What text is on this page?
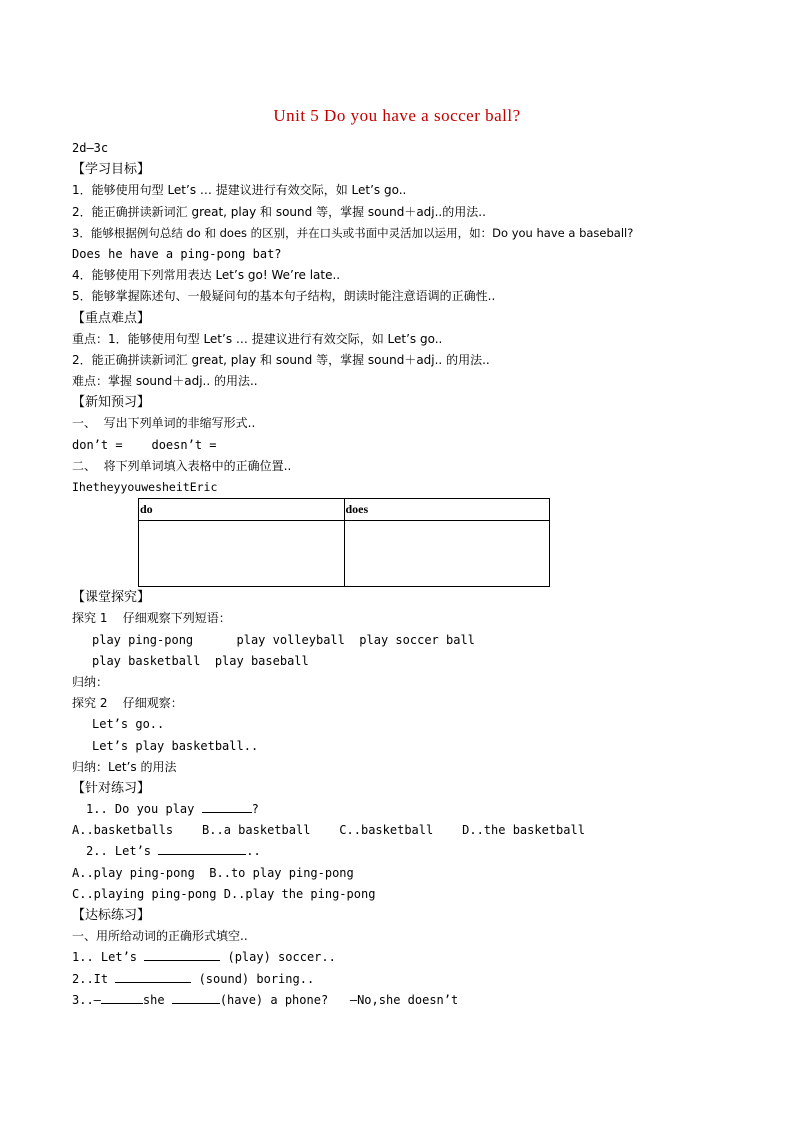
Unit 5 Do you have a soccer ball?
2d—3c
【学习目标】
1．能够使用句型 Let’s … 提建议进行有效交际，如 Let’s go..
2．能正确拼读新词汇 great, play 和 sound 等，掌握 sound＋adj..的用法..
3．能够根据例句总结 do 和 does 的区别，并在口头或书面中灵活加以运用，如：Do you have a baseball?
Does he have a ping-pong bat?
4．能够使用下列常用表达 Let’s go! We’re late..
5．能够掌握陈述句、一般疑问句的基本句子结构，朗读时能注意语调的正确性..
【重点难点】
重点：1．能够使用句型 Let’s … 提建议进行有效交际，如 Let’s go..
2．能正确拼读新词汇 great, play 和 sound 等，掌握 sound＋adj.. 的用法..
难点：掌握 sound＋adj.. 的用法..
【新知预习】
一、  写出下列单词的非缩写形式..
don’t =    doesn’t =
二、  将下列单词填入表格中的正确位置..
IhetheyyouwesheitEric
do	does

【课堂探究】
探究 1    仔细观察下列短语：
play ping-pong      play volleyball  play soccer ball
play basketball  play baseball
归纳：
探究 2    仔细观察：
Let’s go..
Let’s play basketball..
归纳：Let’s 的用法
【针对练习】
1.. Do you play	?
A..basketballs    B..a basketball    C..basketball    D..the basketball
2.. Let’s	..
A..play ping-pong  B..to play ping-pong
C..playing ping-pong D..play the ping-pong
【达标练习】
一、用所给动词的正确形式填空..
1.. Let’s	(play) soccer..
2..It	(sound) boring..
3..—	she	(have) a phone?   —No,she doesn’t
